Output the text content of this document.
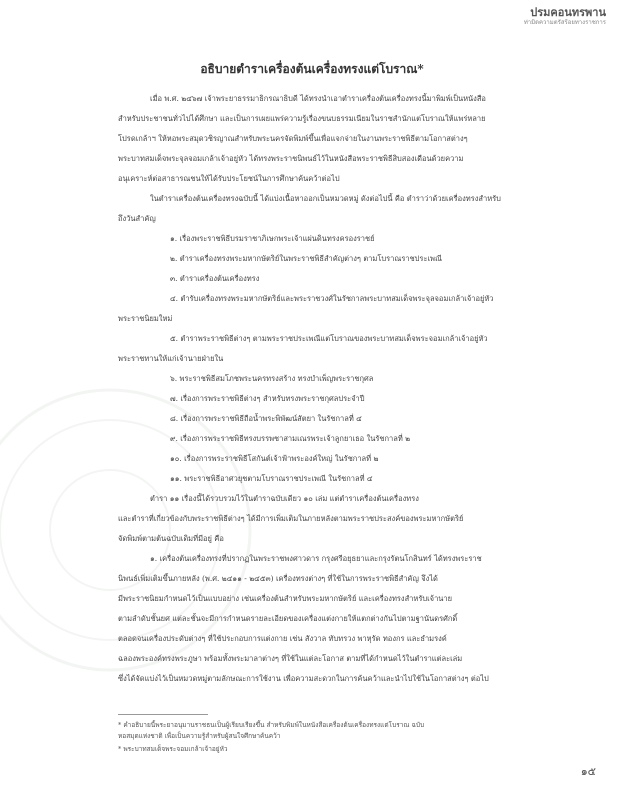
ปรมคอนทรพาน
ท่ามิดความตรัสร้อยทางราชการ
อธิบายตำราเครื่องต้นเครื่องทรงแต่โบราณ*
เมื่อ พ.ศ. ๒๔๖๗ เจ้าพระยาธรรมาธิกรณาธิบดี ได้ทรงนำเอาตำราเครื่องต้นเครื่องทรงนี้มาพิมพ์เป็นหนังสือ
สำหรับประชาชนทั่วไปได้ศึกษา และเป็นการเผยแพร่ความรู้เรื่องขนบธรรมเนียมในราชสำนักแต่โบราณให้แพร่หลาย
โปรดเกล้าฯ ให้หอพระสมุดวชิรญาณสำหรับพระนครจัดพิมพ์ขึ้นเพื่อแจกจ่ายในงานพระราชพิธีตามโอกาสต่างๆ
พระบาทสมเด็จพระจุลจอมเกล้าเจ้าอยู่หัว ได้ทรงพระราชนิพนธ์ไว้ในหนังสือพระราชพิธีสิบสองเดือนด้วยความ
อนุเคราะห์ต่อสาธารณชนให้ได้รับประโยชน์ในการศึกษาค้นคว้าต่อไป
ในตำราเครื่องต้นเครื่องทรงฉบับนี้ ได้แบ่งเนื้อหาออกเป็นหมวดหมู่ ดังต่อไปนี้ คือ ตำราว่าด้วยเครื่องทรงสำหรับ
ถึงวันสำคัญ
๑. เรื่องพระราชพิธีบรมราชาภิเษกพระเจ้าแผ่นดินทรงครองราชย์
๒. ตำราเครื่องทรงพระมหากษัตริย์ในพระราชพิธีสำคัญต่างๆ ตามโบราณราชประเพณี
๓. ตำราเครื่องต้นเครื่องทรง
๔. ตำรับเครื่องทรงพระมหากษัตริย์และพระราชวงศ์ในรัชกาลพระบาทสมเด็จพระจุลจอมเกล้าเจ้าอยู่หัว
พระราชนิยมใหม่
๕. ตำราพระราชพิธีต่างๆ ตามพระราชประเพณีแต่โบราณของพระบาทสมเด็จพระจอมเกล้าเจ้าอยู่หัว
พระราชทานให้แก่เจ้านายฝ่ายใน
๖. พระราชพิธีสมโภชพระนครทรงสร้าง ทรงบำเพ็ญพระราชกุศล
๗. เรื่องการพระราชพิธีต่างๆ สำหรับทรงพระราชกุศลประจำปี
๘. เรื่องการพระราชพิธีถือน้ำพระพิพัฒน์สัตยา ในรัชกาลที่ ๔
๙. เรื่องการพระราชพิธีทรงบรรพชาสามเณรพระเจ้าลูกยาเธอ ในรัชกาลที่ ๒
๑๐. เรื่องการพระราชพิธีโสกันต์เจ้าฟ้าพระองค์ใหญ่ ในรัชกาลที่ ๒
๑๑. พระราชพิธีอาศวยุชตามโบราณราชประเพณี ในรัชกาลที่ ๔
ตำรา ๑๑ เรื่องนี้ได้รวบรวมไว้ในตำราฉบับเดียว ๑๐ เล่ม แต่ตำราเครื่องต้นเครื่องทรง
และตำราที่เกี่ยวข้องกับพระราชพิธีต่างๆ ได้มีการเพิ่มเติมในภายหลังตามพระราชประสงค์ของพระมหากษัตริย์
จัดพิมพ์ตามต้นฉบับเดิมที่มีอยู่ คือ
๑. เครื่องต้นเครื่องทรงที่ปรากฏในพระราชพงศาวดาร กรุงศรีอยุธยาและกรุงรัตนโกสินทร์ ได้ทรงพระราช
นิพนธ์เพิ่มเติมขึ้นภายหลัง (พ.ศ. ๒๔๑๑ - ๒๔๕๓) เครื่องทรงต่างๆ ที่ใช้ในการพระราชพิธีสำคัญ จึงได้
มีพระราชนิยมกำหนดไว้เป็นแบบอย่าง เช่นเครื่องต้นสำหรับพระมหากษัตริย์ และเครื่องทรงสำหรับเจ้านาย
ตามลำดับชั้นยศ แต่ละชั้นจะมีการกำหนดรายละเอียดของเครื่องแต่งกายให้แตกต่างกันไปตามฐานันดรศักดิ์
ตลอดจนเครื่องประดับต่างๆ ที่ใช้ประกอบการแต่งกาย เช่น สังวาล ทับทรวง พาหุรัด ทองกร และธำมรงค์
ฉลองพระองค์ทรงพระภูษา พร้อมทั้งพระมาลาต่างๆ ที่ใช้ในแต่ละโอกาส ตามที่ได้กำหนดไว้ในตำราแต่ละเล่ม
ซึ่งได้จัดแบ่งไว้เป็นหมวดหมู่ตามลักษณะการใช้งาน เพื่อความสะดวกในการค้นคว้าและนำไปใช้ในโอกาสต่างๆ ต่อไป
* คำอธิบายนี้พระยาอนุมานราชธนเป็นผู้เรียบเรียงขึ้น สำหรับพิมพ์ในหนังสือเครื่องต้นเครื่องทรงแต่โบราณ ฉบับ
หอสมุดแห่งชาติ เพื่อเป็นความรู้สำหรับผู้สนใจศึกษาค้นคว้า
* พระบาทสมเด็จพระจอมเกล้าเจ้าอยู่หัว
๑๕
